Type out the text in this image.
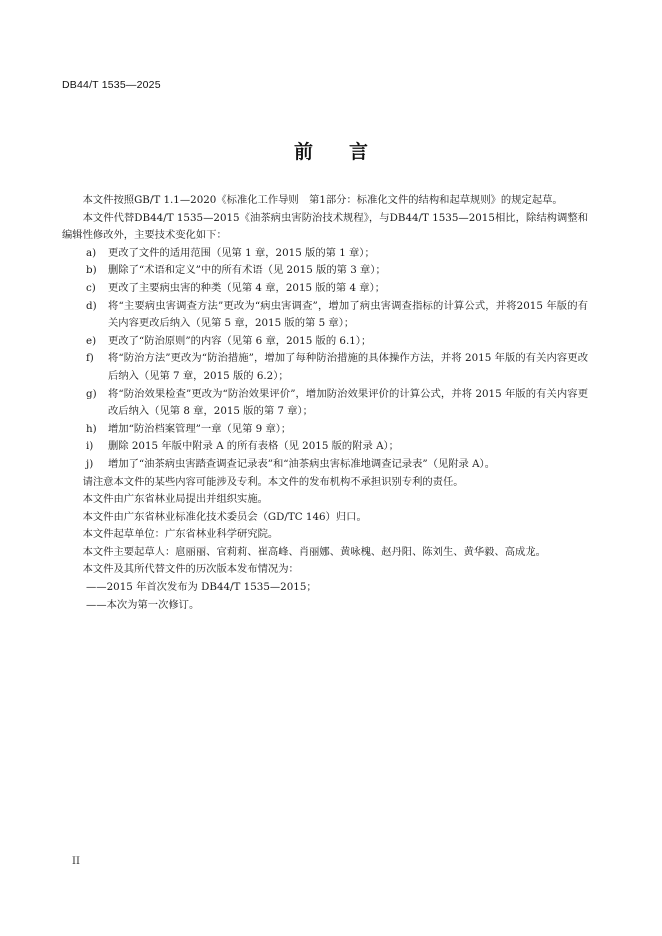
DB44/T 1535—2025
前言

本文件按照GB/T 1.1—2020《标准化工作导则　第1部分：标准化文件的结构和起草规则》的规定起草。

本文件代替DB44/T 1535—2015《油茶病虫害防治技术规程》，与DB44/T 1535—2015相比，除结构调整和编辑性修改外，主要技术变化如下：

a) 更改了文件的适用范围（见第 1 章，2015 版的第 1 章）；

b) 删除了“术语和定义”中的所有术语（见 2015 版的第 3 章）；

c) 更改了主要病虫害的种类（见第 4 章，2015 版的第 4 章）；

d) 将“主要病虫害调查方法”更改为“病虫害调查”，增加了病虫害调查指标的计算公式，并将2015 年版的有关内容更改后纳入（见第 5 章，2015 版的第 5 章）；

e) 更改了“防治原则”的内容（见第 6 章，2015 版的 6.1）；

f) 将“防治方法”更改为“防治措施”，增加了每种防治措施的具体操作方法，并将 2015 年版的有关内容更改后纳入（见第 7 章，2015 版的 6.2）；

g) 将“防治效果检查”更改为“防治效果评价”，增加防治效果评价的计算公式，并将 2015 年版的有关内容更改后纳入（见第 8 章，2015 版的第 7 章）；

h) 增加“防治档案管理”一章（见第 9 章）；

i) 删除 2015 年版中附录 A 的所有表格（见 2015 版的附录 A）；

j) 增加了“油茶病虫害踏查调查记录表”和“油茶病虫害标准地调查记录表”（见附录 A）。

请注意本文件的某些内容可能涉及专利。本文件的发布机构不承担识别专利的责任。

本文件由广东省林业局提出并组织实施。

本文件由广东省林业标准化技术委员会（GD/TC 146）归口。

本文件起草单位：广东省林业科学研究院。

本文件主要起草人：扈丽丽、官莉莉、崔高峰、肖丽娜、黄咏槐、赵丹阳、陈刘生、黄华毅、高成龙。

本文件及其所代替文件的历次版本发布情况为：

——2015 年首次发布为 DB44/T 1535—2015；

——本次为第一次修订。

II
